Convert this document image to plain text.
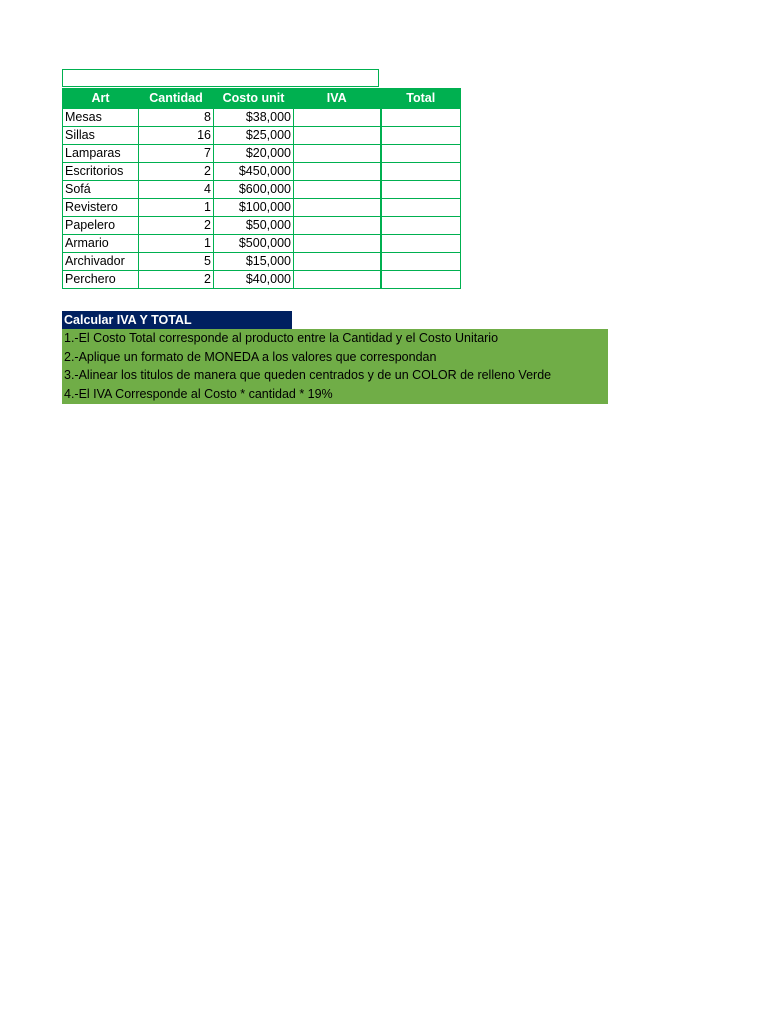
Art	Cantidad	Costo unit	IVA	Total
Mesas	8	$38,000		
Sillas	16	$25,000		
Lamparas	7	$20,000		
Escritorios	2	$450,000		
Sofá	4	$600,000		
Revistero	1	$100,000		
Papelero	2	$50,000		
Armario	1	$500,000		
Archivador	5	$15,000		
Perchero	2	$40,000		
Calcular IVA Y TOTAL
1.-El Costo Total corresponde al producto entre la Cantidad y el Costo Unitario
2.-Aplique un formato de MONEDA a los valores que correspondan
3.-Alinear los titulos de manera que queden centrados y de un COLOR de relleno Verde
4.-El IVA Corresponde al Costo * cantidad * 19%
